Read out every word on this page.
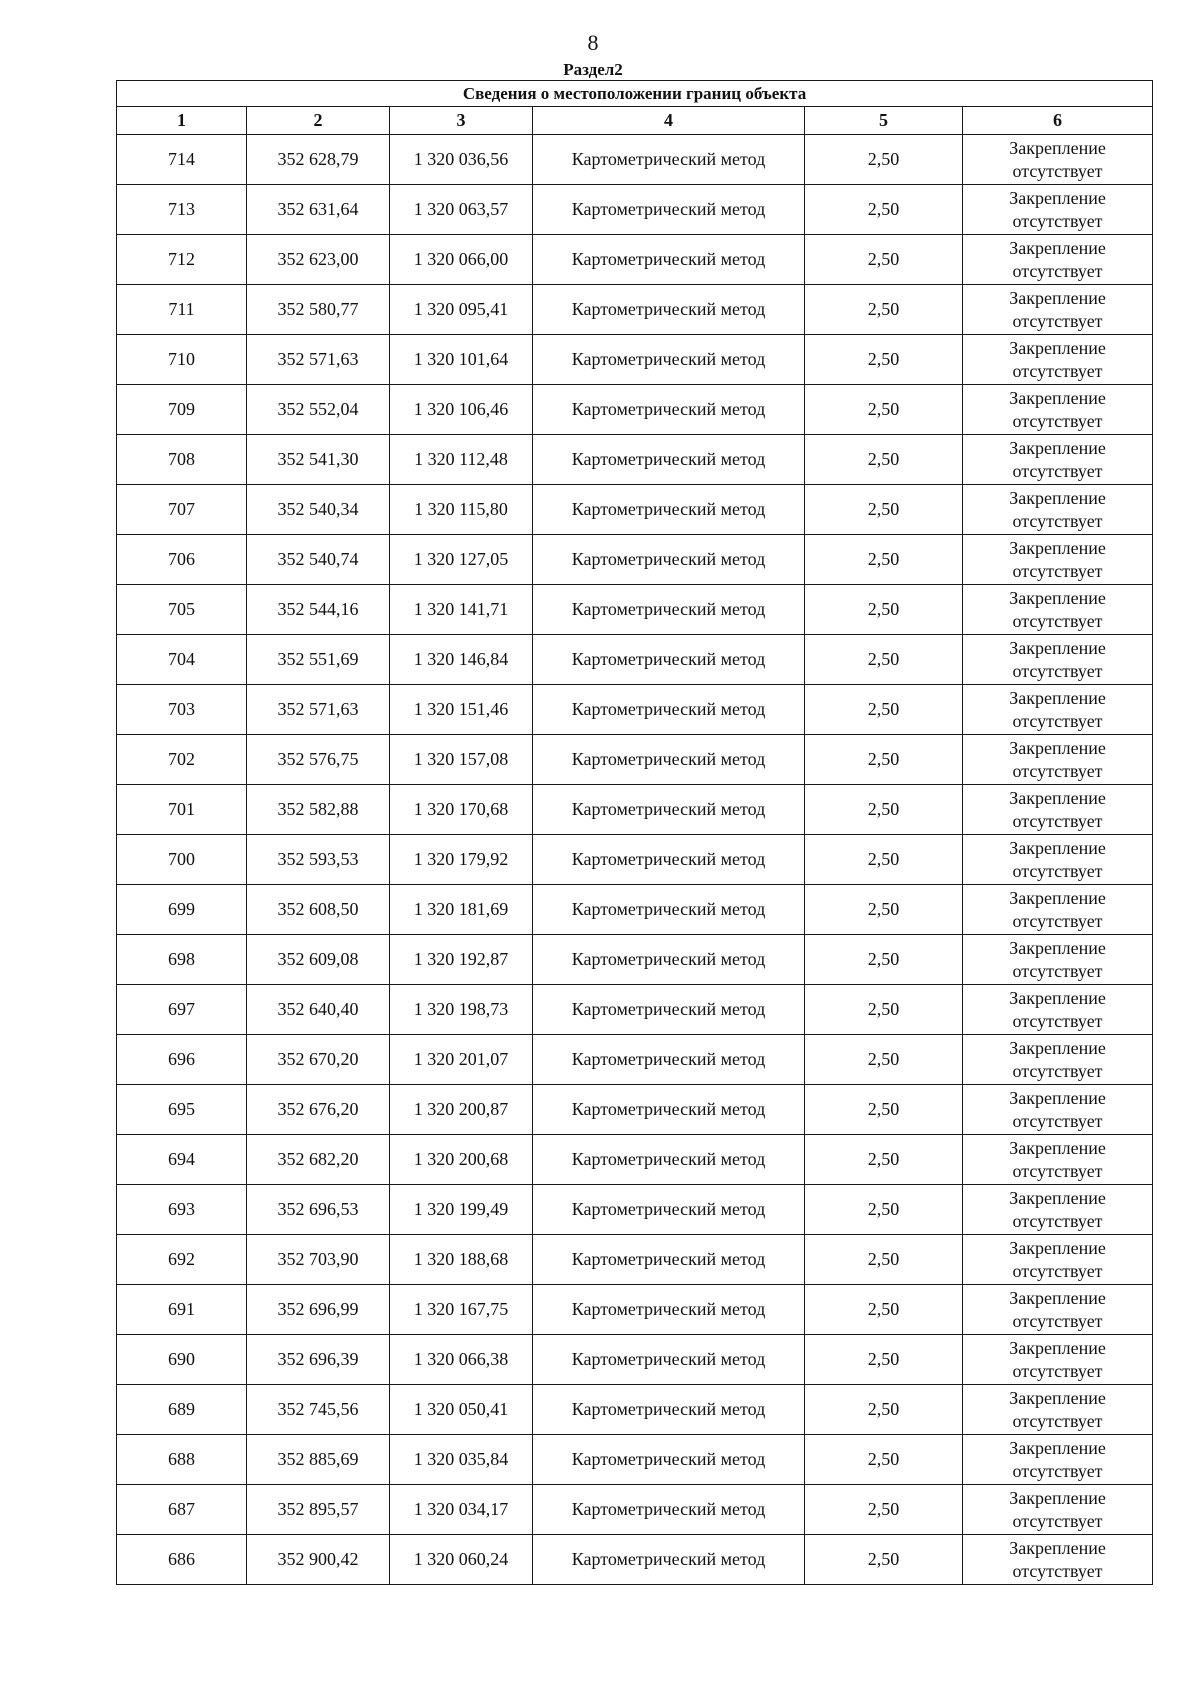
8
Раздел2
Сведения о местоположении границ объекта					
1	2	3	4	5	6
714	352 628,79	1 320 036,56	Картометрический метод	2,50	Закрепление
отсутствует

713	352 631,64	1 320 063,57	Картометрический метод	2,50	Закрепление
отсутствует

712	352 623,00	1 320 066,00	Картометрический метод	2,50	Закрепление
отсутствует

711	352 580,77	1 320 095,41	Картометрический метод	2,50	Закрепление
отсутствует

710	352 571,63	1 320 101,64	Картометрический метод	2,50	Закрепление
отсутствует

709	352 552,04	1 320 106,46	Картометрический метод	2,50	Закрепление
отсутствует

708	352 541,30	1 320 112,48	Картометрический метод	2,50	Закрепление
отсутствует

707	352 540,34	1 320 115,80	Картометрический метод	2,50	Закрепление
отсутствует

706	352 540,74	1 320 127,05	Картометрический метод	2,50	Закрепление
отсутствует

705	352 544,16	1 320 141,71	Картометрический метод	2,50	Закрепление
отсутствует

704	352 551,69	1 320 146,84	Картометрический метод	2,50	Закрепление
отсутствует

703	352 571,63	1 320 151,46	Картометрический метод	2,50	Закрепление
отсутствует

702	352 576,75	1 320 157,08	Картометрический метод	2,50	Закрепление
отсутствует

701	352 582,88	1 320 170,68	Картометрический метод	2,50	Закрепление
отсутствует

700	352 593,53	1 320 179,92	Картометрический метод	2,50	Закрепление
отсутствует

699	352 608,50	1 320 181,69	Картометрический метод	2,50	Закрепление
отсутствует

698	352 609,08	1 320 192,87	Картометрический метод	2,50	Закрепление
отсутствует

697	352 640,40	1 320 198,73	Картометрический метод	2,50	Закрепление
отсутствует

696	352 670,20	1 320 201,07	Картометрический метод	2,50	Закрепление
отсутствует

695	352 676,20	1 320 200,87	Картометрический метод	2,50	Закрепление
отсутствует

694	352 682,20	1 320 200,68	Картометрический метод	2,50	Закрепление
отсутствует

693	352 696,53	1 320 199,49	Картометрический метод	2,50	Закрепление
отсутствует

692	352 703,90	1 320 188,68	Картометрический метод	2,50	Закрепление
отсутствует

691	352 696,99	1 320 167,75	Картометрический метод	2,50	Закрепление
отсутствует

690	352 696,39	1 320 066,38	Картометрический метод	2,50	Закрепление
отсутствует

689	352 745,56	1 320 050,41	Картометрический метод	2,50	Закрепление
отсутствует

688	352 885,69	1 320 035,84	Картометрический метод	2,50	Закрепление
отсутствует

687	352 895,57	1 320 034,17	Картометрический метод	2,50	Закрепление
отсутствует

686	352 900,42	1 320 060,24	Картометрический метод	2,50	Закрепление
отсутствует
